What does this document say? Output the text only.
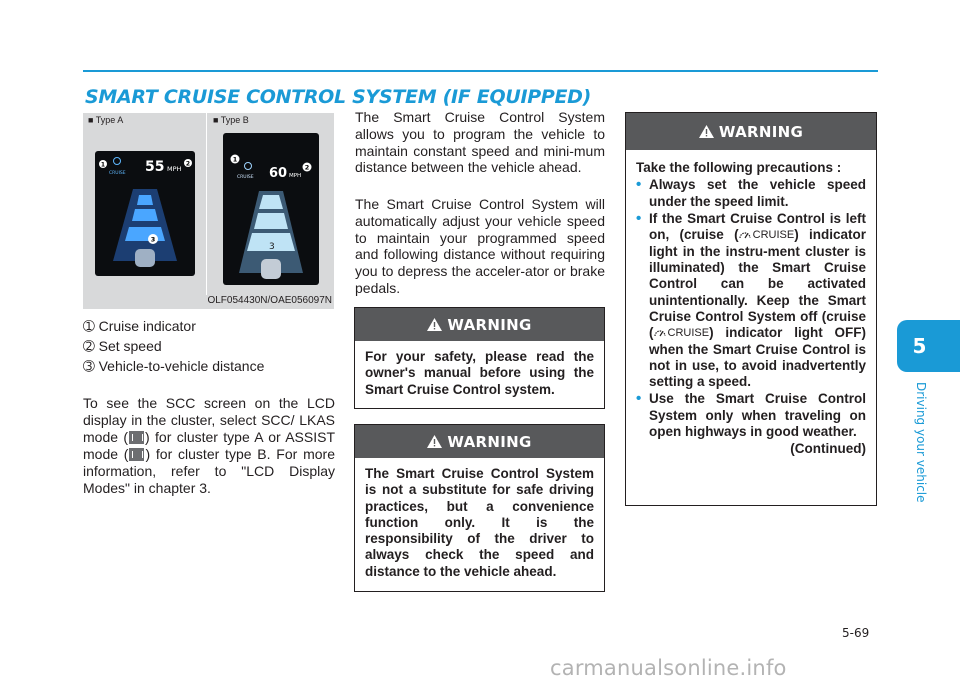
SMART CRUISE CONTROL SYSTEM (IF EQUIPPED)
5
Driving your vehicle
■ Type A	■ Type B
1
CRUISE 55 MPH
2
3
1
CRUISE 60 MPH
2
3
OLF054430N/OAE056097N
➀ Cruise indicator
➁ Set speed
➂ Vehicle-to-vehicle distance
To see the SCC screen on the LCD display in the cluster, select SCC/ LKAS mode ( ) for cluster type A or ASSIST mode ( ) for cluster type B. For more information, refer to "LCD Display Modes" in chapter 3.
The Smart Cruise Control System allows you to program the vehicle to maintain constant speed and mini-mum distance between the vehicle ahead.
The Smart Cruise Control System will automatically adjust your vehicle speed to maintain your programmed speed and following distance without requiring you to depress the acceler-ator or brake pedals.
WARNING
For your safety, please read the owner's manual before using the Smart Cruise Control system.
WARNING
The Smart Cruise Control System is not a substitute for safe driving practices, but a convenience function only. It is the responsibility of the driver to always check the speed and distance to the vehicle ahead.
WARNING
Take the following precautions :
• Always set the vehicle speed under the speed limit.
• If the Smart Cruise Control is left on, (cruise ( CRUISE ) indicator light in the instru-ment cluster is illuminated) the Smart Cruise Control can be activated unintentionally. Keep the Smart Cruise Control System off (cruise ( CRUISE ) indicator light OFF) when the Smart Cruise Control is not in use, to avoid inadvertently setting a speed.
• Use the Smart Cruise Control System only when traveling on open highways in good weather.
(Continued)
5-69
carmanualsonline.info
